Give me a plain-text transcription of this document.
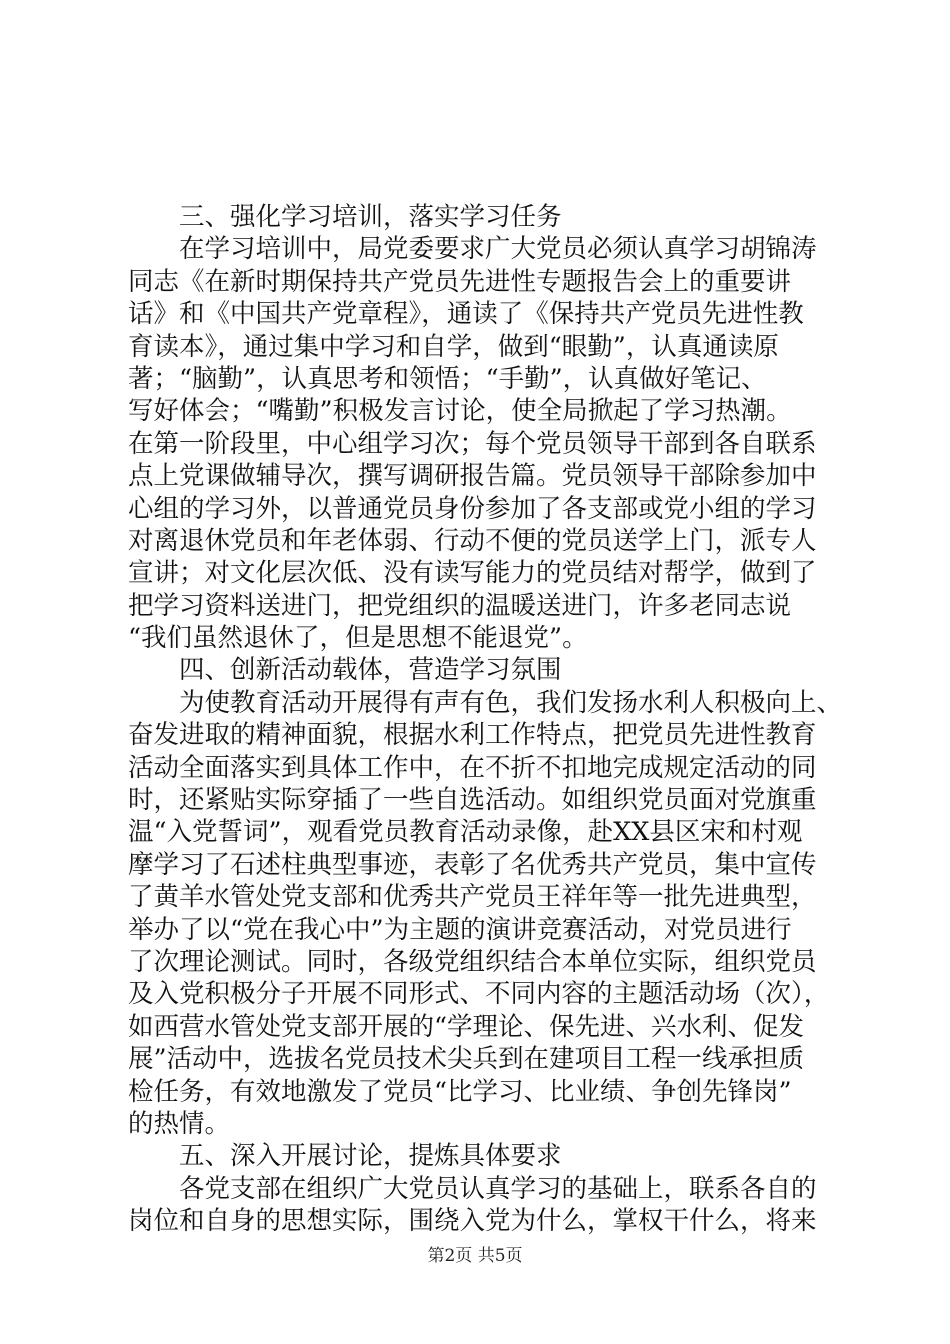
三、强化学习培训，落实学习任务
在学习培训中，局党委要求广大党员必须认真学习胡锦涛
同志《在新时期保持共产党员先进性专题报告会上的重要讲
话》和《中国共产党章程》，通读了《保持共产党员先进性教
育读本》，通过集中学习和自学，做到“眼勤”，认真通读原
著；“脑勤”，认真思考和领悟；“手勤”，认真做好笔记、
写好体会；“嘴勤”积极发言讨论，使全局掀起了学习热潮。
在第一阶段里，中心组学习次；每个党员领导干部到各自联系
点上党课做辅导次，撰写调研报告篇。党员领导干部除参加中
心组的学习外，以普通党员身份参加了各支部或党小组的学习
对离退休党员和年老体弱、行动不便的党员送学上门，派专人
宣讲；对文化层次低、没有读写能力的党员结对帮学，做到了
把学习资料送进门，把党组织的温暖送进门，许多老同志说
“我们虽然退休了，但是思想不能退党”。
四、创新活动载体，营造学习氛围
为使教育活动开展得有声有色，我们发扬水利人积极向上、
奋发进取的精神面貌，根据水利工作特点，把党员先进性教育
活动全面落实到具体工作中，在不折不扣地完成规定活动的同
时，还紧贴实际穿插了一些自选活动。如组织党员面对党旗重
温“入党誓词”，观看党员教育活动录像，赴XX县区宋和村观
摩学习了石述柱典型事迹，表彰了名优秀共产党员，集中宣传
了黄羊水管处党支部和优秀共产党员王祥年等一批先进典型，
举办了以“党在我心中”为主题的演讲竞赛活动，对党员进行
了次理论测试。同时，各级党组织结合本单位实际，组织党员
及入党积极分子开展不同形式、不同内容的主题活动场（次），
如西营水管处党支部开展的“学理论、保先进、兴水利、促发
展”活动中，选拔名党员技术尖兵到在建项目工程一线承担质
检任务，有效地激发了党员“比学习、比业绩、争创先锋岗”
的热情。
五、深入开展讨论，提炼具体要求
各党支部在组织广大党员认真学习的基础上，联系各自的
岗位和自身的思想实际，围绕入党为什么，掌权干什么，将来
第2页 共5页
